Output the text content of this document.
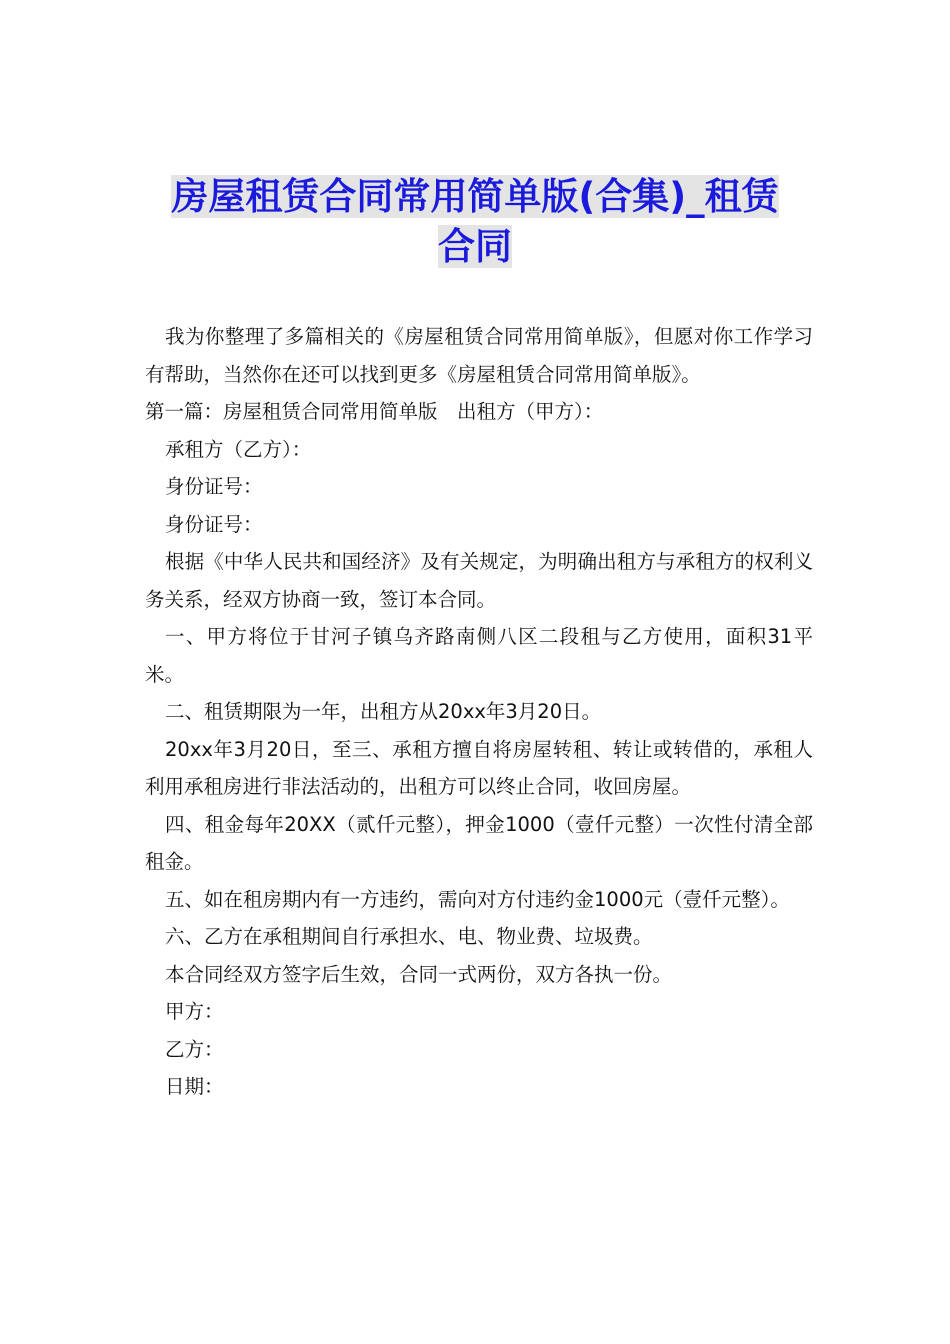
房屋租赁合同常用简单版(合集)_租赁
合同

我为你整理了多篇相关的《房屋租赁合同常用简单版》，但愿对你工作学习有帮助，当然你在还可以找到更多《房屋租赁合同常用简单版》。

第一篇：房屋租赁合同常用简单版　出租方（甲方）：

承租方（乙方）：

身份证号：

身份证号：

根据《中华人民共和国经济》及有关规定，为明确出租方与承租方的权利义务关系，经双方协商一致，签订本合同。

一、甲方将位于甘河子镇乌齐路南侧八区二段租与乙方使用，面积31平米。

二、租赁期限为一年，出租方从20xx年3月20日。

20xx年3月20日，至三、承租方擅自将房屋转租、转让或转借的，承租人利用承租房进行非法活动的，出租方可以终止合同，收回房屋。

四、租金每年20XX（贰仟元整），押金1000（壹仟元整）一次性付清全部租金。

五、如在租房期内有一方违约，需向对方付违约金1000元（壹仟元整）。

六、乙方在承租期间自行承担水、电、物业费、垃圾费。

本合同经双方签字后生效，合同一式两份，双方各执一份。

甲方：

乙方：

日期：
